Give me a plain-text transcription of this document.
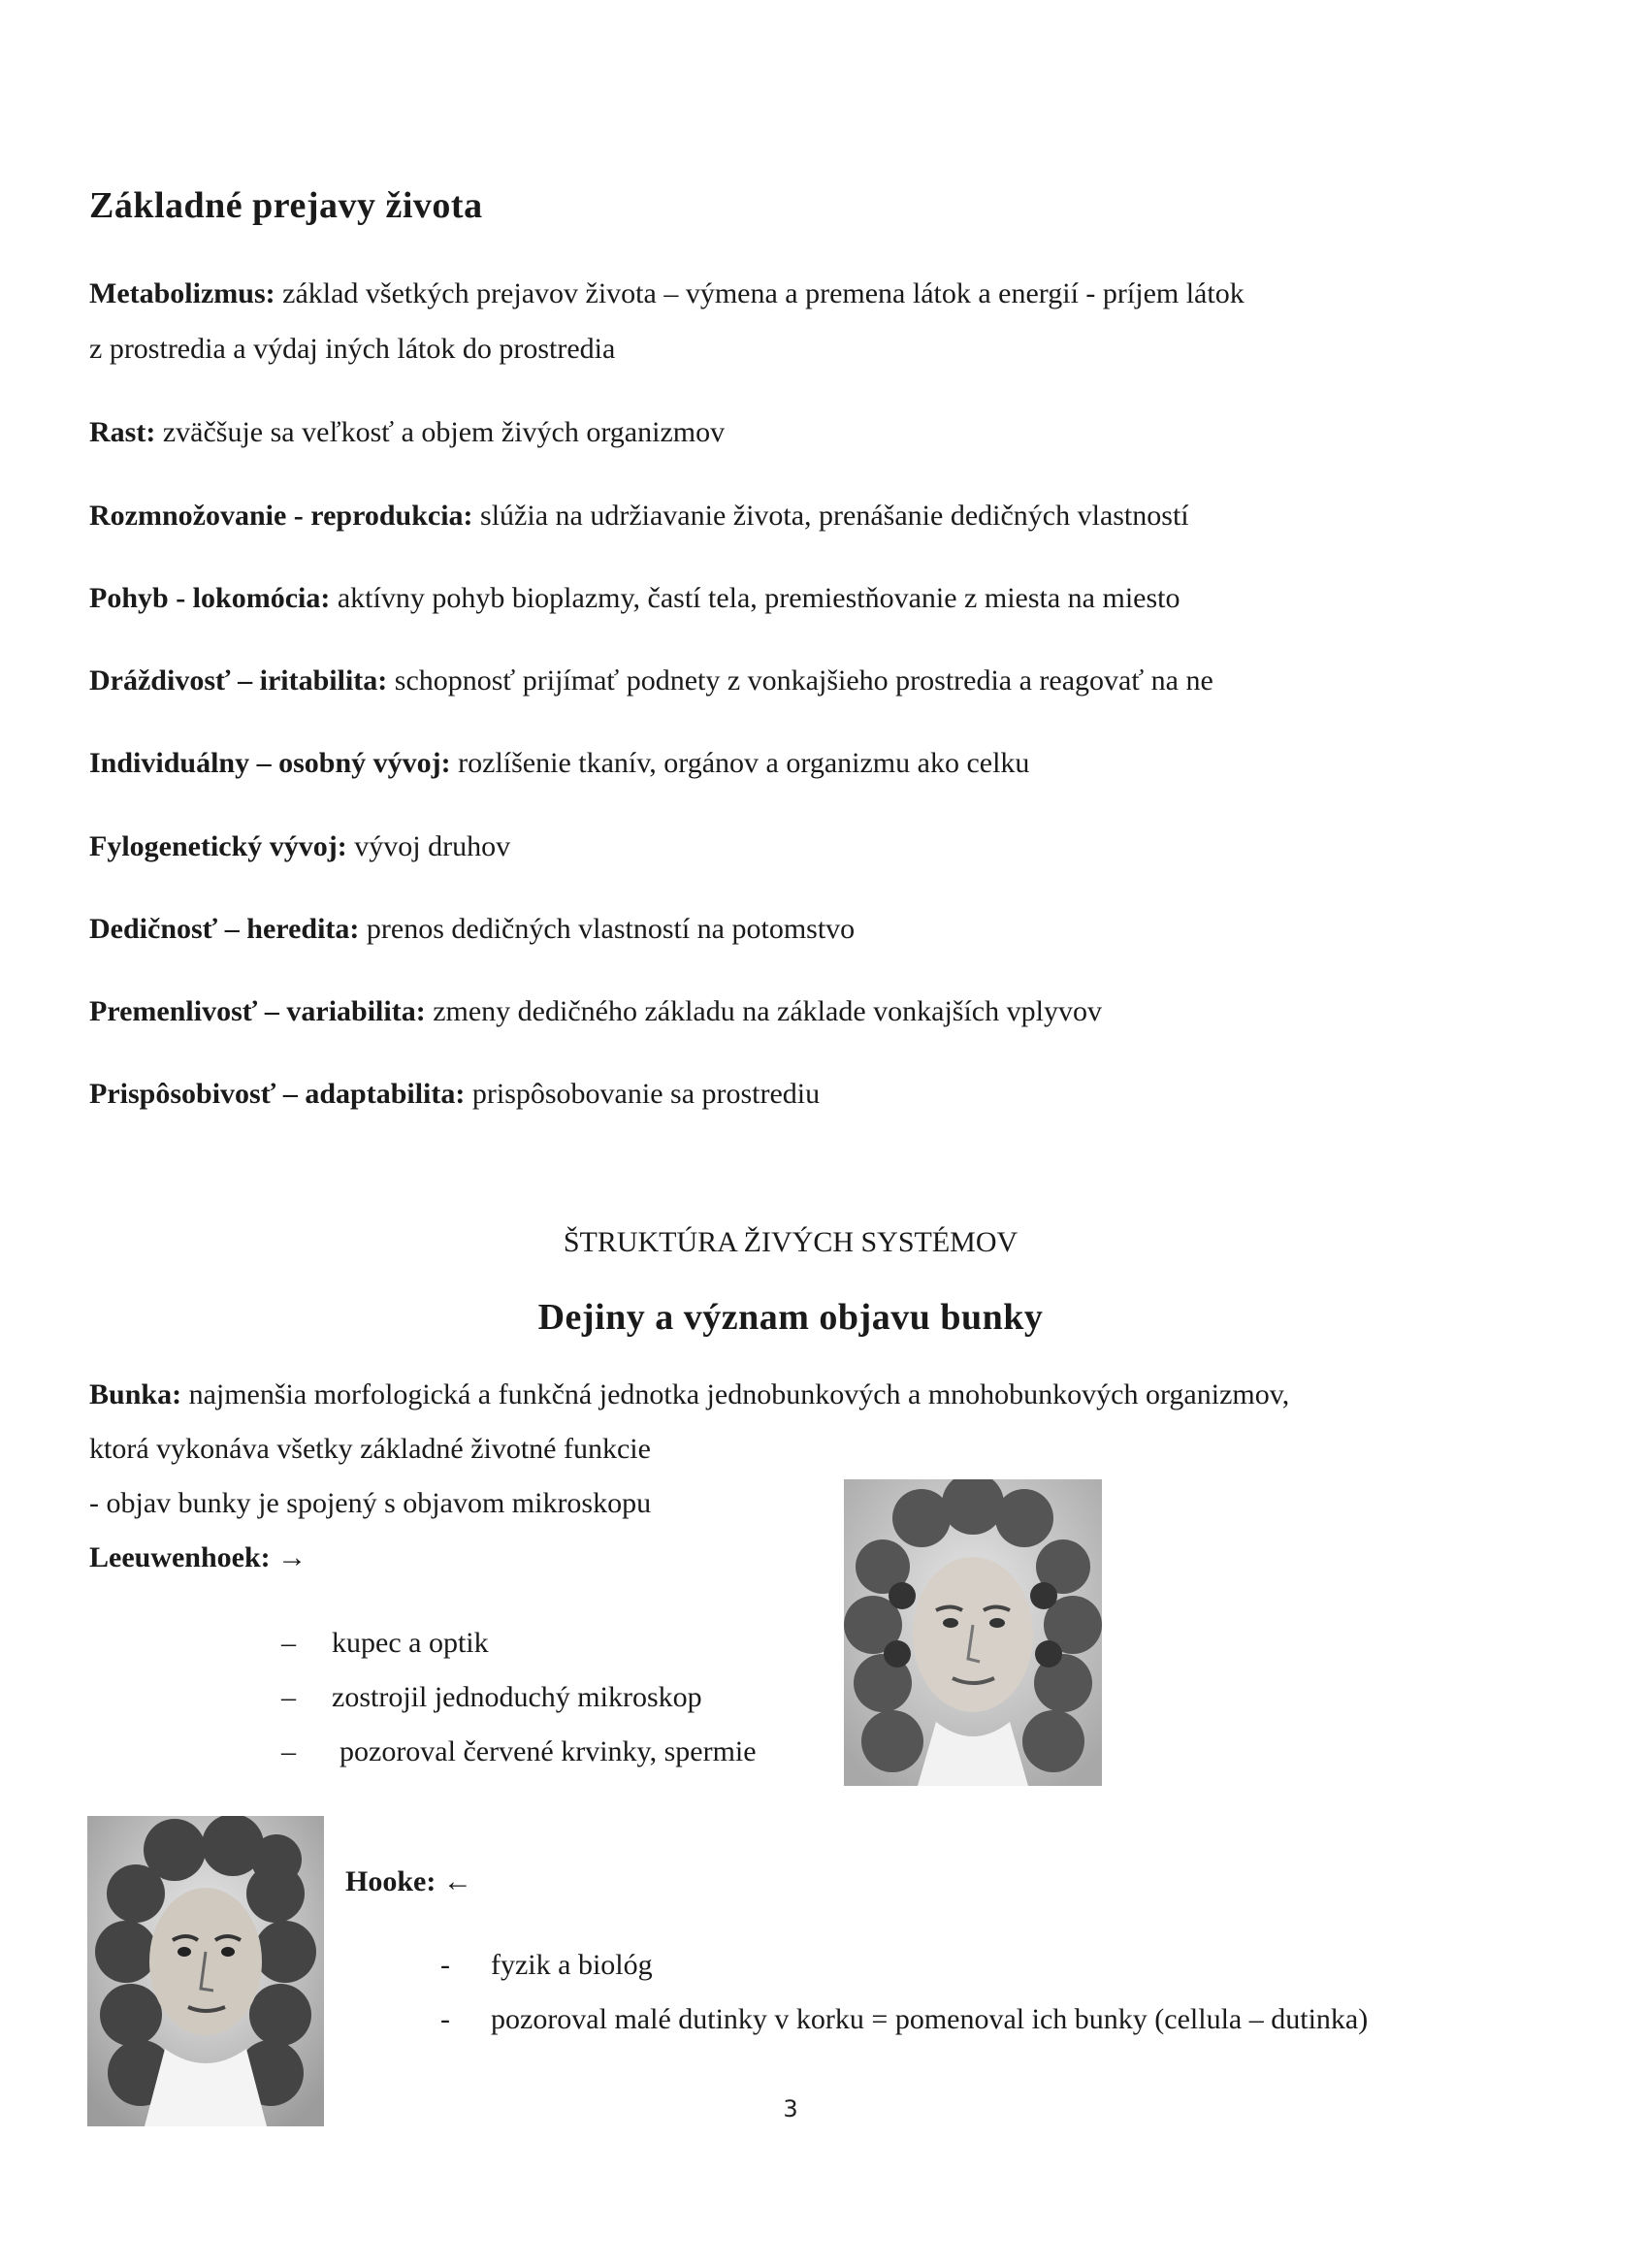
Základné prejavy života
Metabolizmus: základ všetkých prejavov života – výmena a premena látok a energií - príjem látok
z prostredia a výdaj iných látok do prostredia
Rast: zväčšuje sa veľkosť a objem živých organizmov
Rozmnožovanie - reprodukcia: slúžia na udržiavanie života, prenášanie dedičných vlastností
Pohyb - lokomócia: aktívny pohyb bioplazmy, častí tela, premiestňovanie z miesta na miesto
Dráždivosť – iritabilita: schopnosť prijímať podnety z vonkajšieho prostredia a reagovať na ne
Individuálny – osobný vývoj: rozlíšenie tkanív, orgánov a organizmu ako celku
Fylogenetický vývoj: vývoj druhov
Dedičnosť – heredita: prenos dedičných vlastností na potomstvo
Premenlivosť – variabilita: zmeny dedičného základu na základe vonkajších vplyvov
Prispôsobivosť – adaptabilita: prispôsobovanie sa prostrediu
ŠTRUKTÚRA ŽIVÝCH SYSTÉMOV
Dejiny a význam objavu bunky
Bunka: najmenšia morfologická a funkčná jednotka jednobunkových a mnohobunkových organizmov,
ktorá vykonáva všetky základné životné funkcie
- objav bunky je spojený s objavom mikroskopu
Leeuwenhoek: →
– kupec a optik
– zostrojil jednoduchý mikroskop
– pozoroval červené krvinky, spermie
Hooke: ←
- fyzik a biológ
- pozoroval malé dutinky v korku = pomenoval ich bunky (cellula – dutinka)
3
